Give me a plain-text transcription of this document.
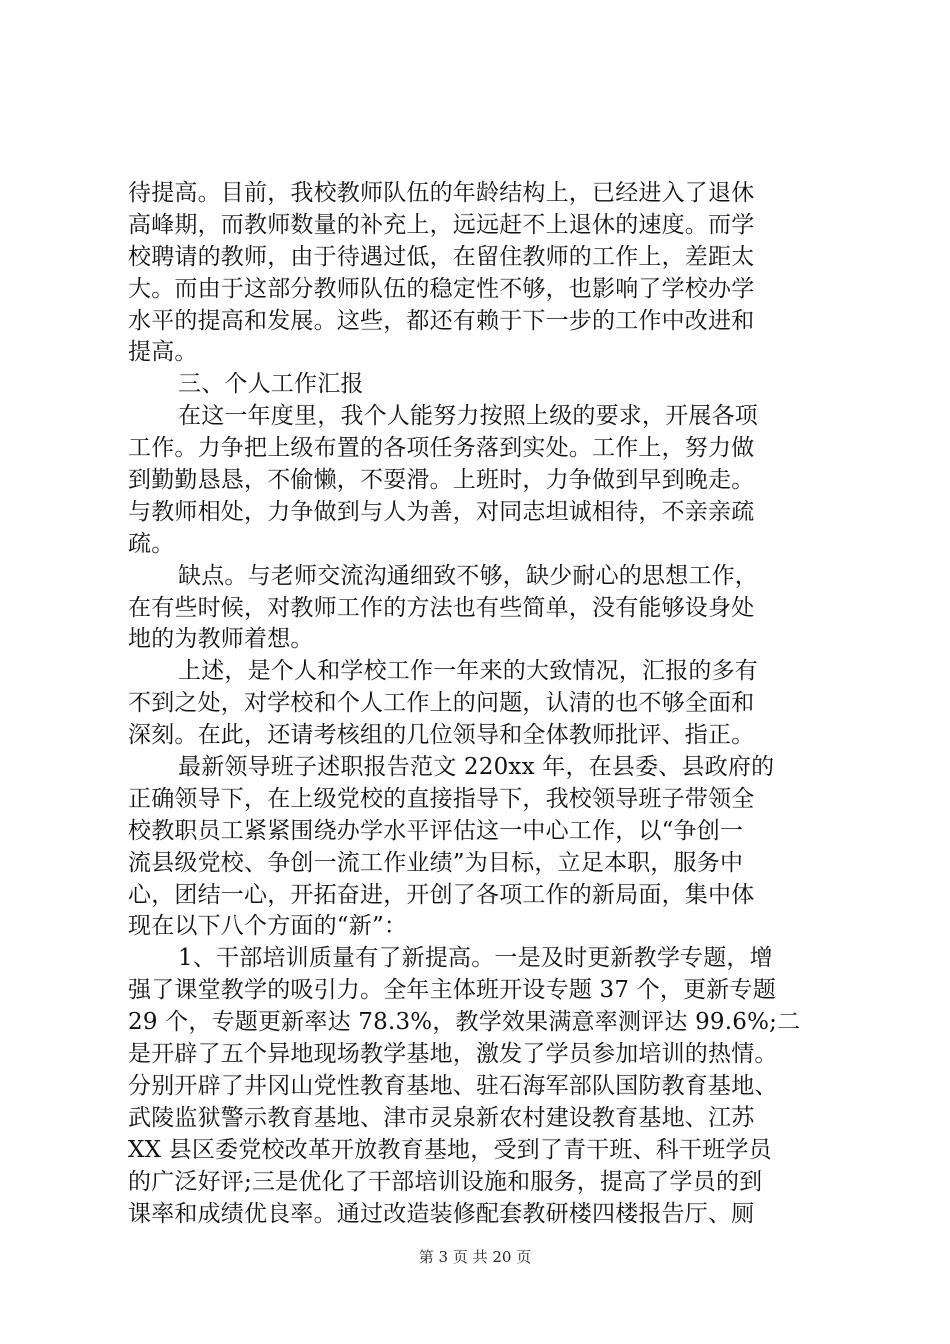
待提高。目前，我校教师队伍的年龄结构上，已经进入了退休
高峰期，而教师数量的补充上，远远赶不上退休的速度。而学
校聘请的教师，由于待遇过低，在留住教师的工作上，差距太
大。而由于这部分教师队伍的稳定性不够，也影响了学校办学
水平的提高和发展。这些，都还有赖于下一步的工作中改进和
提高。
三、个人工作汇报
在这一年度里，我个人能努力按照上级的要求，开展各项
工作。力争把上级布置的各项任务落到实处。工作上，努力做
到勤勤恳恳，不偷懒，不耍滑。上班时，力争做到早到晚走。
与教师相处，力争做到与人为善，对同志坦诚相待，不亲亲疏
疏。
缺点。与老师交流沟通细致不够，缺少耐心的思想工作，
在有些时候，对教师工作的方法也有些简单，没有能够设身处
地的为教师着想。
上述，是个人和学校工作一年来的大致情况，汇报的多有
不到之处，对学校和个人工作上的问题，认清的也不够全面和
深刻。在此，还请考核组的几位领导和全体教师批评、指正。
最新领导班子述职报告范文 220xx 年，在县委、县政府的
正确领导下，在上级党校的直接指导下，我校领导班子带领全
校教职员工紧紧围绕办学水平评估这一中心工作，以“争创一
流县级党校、争创一流工作业绩”为目标，立足本职，服务中
心，团结一心，开拓奋进，开创了各项工作的新局面，集中体
现在以下八个方面的“新”：
1、干部培训质量有了新提高。一是及时更新教学专题，增
强了课堂教学的吸引力。全年主体班开设专题 37 个，更新专题
29 个，专题更新率达 78.3%，教学效果满意率测评达 99.6%;二
是开辟了五个异地现场教学基地，激发了学员参加培训的热情。
分别开辟了井冈山党性教育基地、驻石海军部队国防教育基地、
武陵监狱警示教育基地、津市灵泉新农村建设教育基地、江苏
XX 县区委党校改革开放教育基地，受到了青干班、科干班学员
的广泛好评;三是优化了干部培训设施和服务，提高了学员的到
课率和成绩优良率。通过改造装修配套教研楼四楼报告厅、厕
第 3 页 共 20 页
